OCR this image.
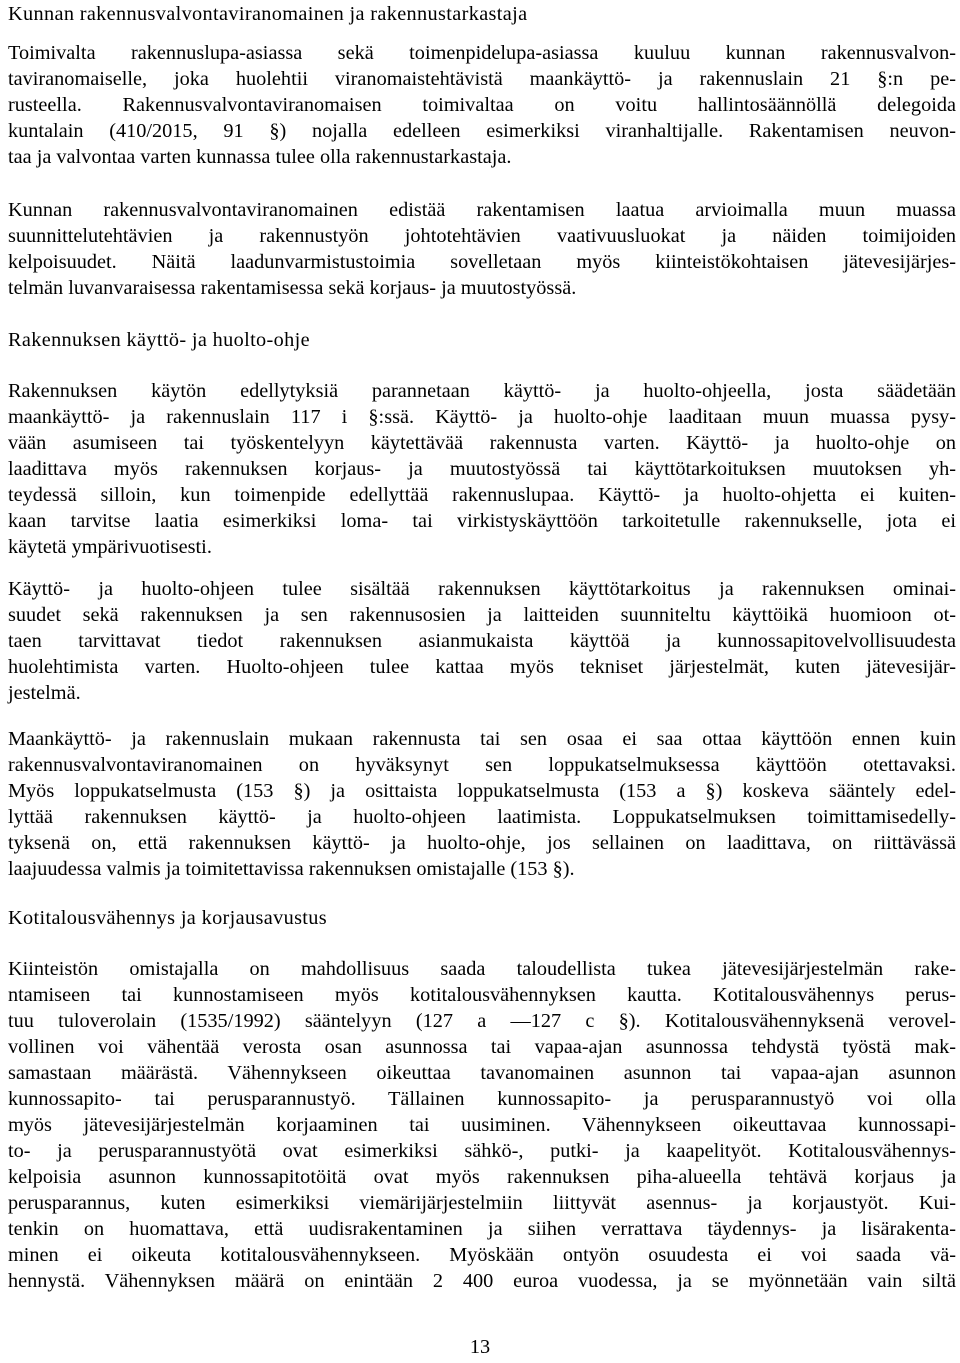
Kunnan rakennusvalvontaviranomainen ja rakennustarkastaja

Toimivalta rakennuslupa-asiassa sekä toimenpidelupa-asiassa kuuluu kunnan rakennusvalvon-
taviranomaiselle, joka huolehtii viranomaistehtävistä maankäyttö- ja rakennuslain 21 §:n pe-
rusteella. Rakennusvalvontaviranomaisen toimivaltaa on voitu hallintosäännöllä delegoida
kuntalain (410/2015, 91 §) nojalla edelleen esimerkiksi viranhaltijalle. Rakentamisen neuvon-
taa ja valvontaa varten kunnassa tulee olla rakennustarkastaja.

Kunnan rakennusvalvontaviranomainen edistää rakentamisen laatua arvioimalla muun muassa
suunnittelutehtävien ja rakennustyön johtotehtävien vaativuusluokat ja näiden toimijoiden
kelpoisuudet. Näitä laadunvarmistustoimia sovelletaan myös kiinteistökohtaisen jätevesijärjes-
telmän luvanvaraisessa rakentamisessa sekä korjaus- ja muutostyössä.

Rakennuksen käyttö- ja huolto-ohje

Rakennuksen käytön edellytyksiä parannetaan käyttö- ja huolto-ohjeella, josta säädetään
maankäyttö- ja rakennuslain 117 i §:ssä. Käyttö- ja huolto-ohje laaditaan muun muassa pysy-
vään asumiseen tai työskentelyyn käytettävää rakennusta varten. Käyttö- ja huolto-ohje on
laadittava myös rakennuksen korjaus- ja muutostyössä tai käyttötarkoituksen muutoksen yh-
teydessä silloin, kun toimenpide edellyttää rakennuslupaa. Käyttö- ja huolto-ohjetta ei kuiten-
kaan tarvitse laatia esimerkiksi loma- tai virkistyskäyttöön tarkoitetulle rakennukselle, jota ei
käytetä ympärivuotisesti.

Käyttö- ja huolto-ohjeen tulee sisältää rakennuksen käyttötarkoitus ja rakennuksen ominai-
suudet sekä rakennuksen ja sen rakennusosien ja laitteiden suunniteltu käyttöikä huomioon ot-
taen tarvittavat tiedot rakennuksen asianmukaista käyttöä ja kunnossapitovelvollisuudesta
huolehtimista varten. Huolto-ohjeen tulee kattaa myös tekniset järjestelmät, kuten jätevesijär-
jestelmä.

Maankäyttö- ja rakennuslain mukaan rakennusta tai sen osaa ei saa ottaa käyttöön ennen kuin
rakennusvalvontaviranomainen on hyväksynyt sen loppukatselmuksessa käyttöön otettavaksi.
Myös loppukatselmusta (153 §) ja osittaista loppukatselmusta (153 a §) koskeva sääntely edel-
lyttää rakennuksen käyttö- ja huolto-ohjeen laatimista. Loppukatselmuksen toimittamisedelly-
tyksenä on, että rakennuksen käyttö- ja huolto-ohje, jos sellainen on laadittava, on riittävässä
laajuudessa valmis ja toimitettavissa rakennuksen omistajalle (153 §).

Kotitalousvähennys ja korjausavustus

Kiinteistön omistajalla on mahdollisuus saada taloudellista tukea jätevesijärjestelmän rake-
ntamiseen tai kunnostamiseen myös kotitalousvähennyksen kautta. Kotitalousvähennys perus-
tuu tuloverolain (1535/1992) sääntelyyn (127 a —127 c §). Kotitalousvähennyksenä verovel-
vollinen voi vähentää verosta osan asunnossa tai vapaa-ajan asunnossa tehdystä työstä mak-
samastaan määrästä. Vähennykseen oikeuttaa tavanomainen asunnon tai vapaa-ajan asunnon
kunnossapito- tai perusparannustyö. Tällainen kunnossapito- ja perusparannustyö voi olla
myös jätevesijärjestelmän korjaaminen tai uusiminen. Vähennykseen oikeuttavaa kunnossapi-
to- ja perusparannustyötä ovat esimerkiksi sähkö-, putki- ja kaapelityöt. Kotitalousvähennys-
kelpoisia asunnon kunnossapitotöitä ovat myös rakennuksen piha-alueella tehtävä korjaus ja
perusparannus, kuten esimerkiksi viemärijärjestelmiin liittyvät asennus- ja korjaustyöt. Kui-
tenkin on huomattava, että uudisrakentaminen ja siihen verrattava täydennys- ja lisärakenta-
minen ei oikeuta kotitalousvähennykseen. Myöskään ontyön osuudesta ei voi saada vä-
hennystä. Vähennyksen määrä on enintään 2 400 euroa vuodessa, ja se myönnetään vain siltä

13
